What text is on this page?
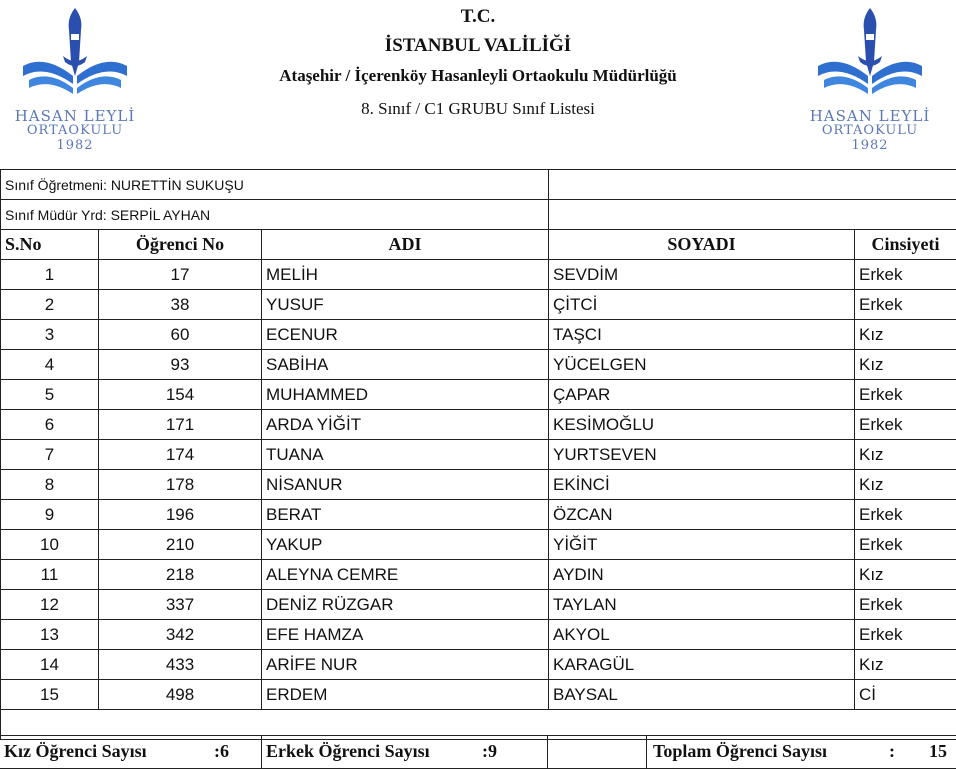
HASAN LEYLİ
ORTAOKULU
1982
T.C.
İSTANBUL VALİLİĞİ
Ataşehir / İçerenköy Hasanleyli Ortaokulu Müdürlüğü
8. Sınıf / C1 GRUBU Sınıf Listesi	HASAN LEYLİ
ORTAOKULU
1982
Sınıf Öğretmeni: NURETTİN SUKUŞU				
Sınıf Müdür Yrd: SERPİL AYHAN				
S.No	Öğrenci No	ADI	SOYADI	Cinsiyeti
1	17	MELİH	SEVDİM	Erkek
2	38	YUSUF	ÇİTCİ	Erkek
3	60	ECENUR	TAŞCI	Kız
4	93	SABİHA	YÜCELGEN	Kız
5	154	MUHAMMED	ÇAPAR	Erkek
6	171	ARDA YİĞİT	KESİMOĞLU	Erkek
7	174	TUANA	YURTSEVEN	Kız
8	178	NİSANUR	EKİNCİ	Kız
9	196	BERAT	ÖZCAN	Erkek
10	210	YAKUP	YİĞİT	Erkek
11	218	ALEYNA CEMRE	AYDIN	Kız
12	337	DENİZ RÜZGAR	TAYLAN	Erkek
13	342	EFE HAMZA	AKYOL	Erkek
14	433	ARİFE NUR	KARAGÜL	Kız
15	498	ERDEM	BAYSAL	Cİ

Kız Öğrenci Sayısı	:6 Erkek Öğrenci Sayısı	:9	Toplam Öğrenci Sayısı	: 15
